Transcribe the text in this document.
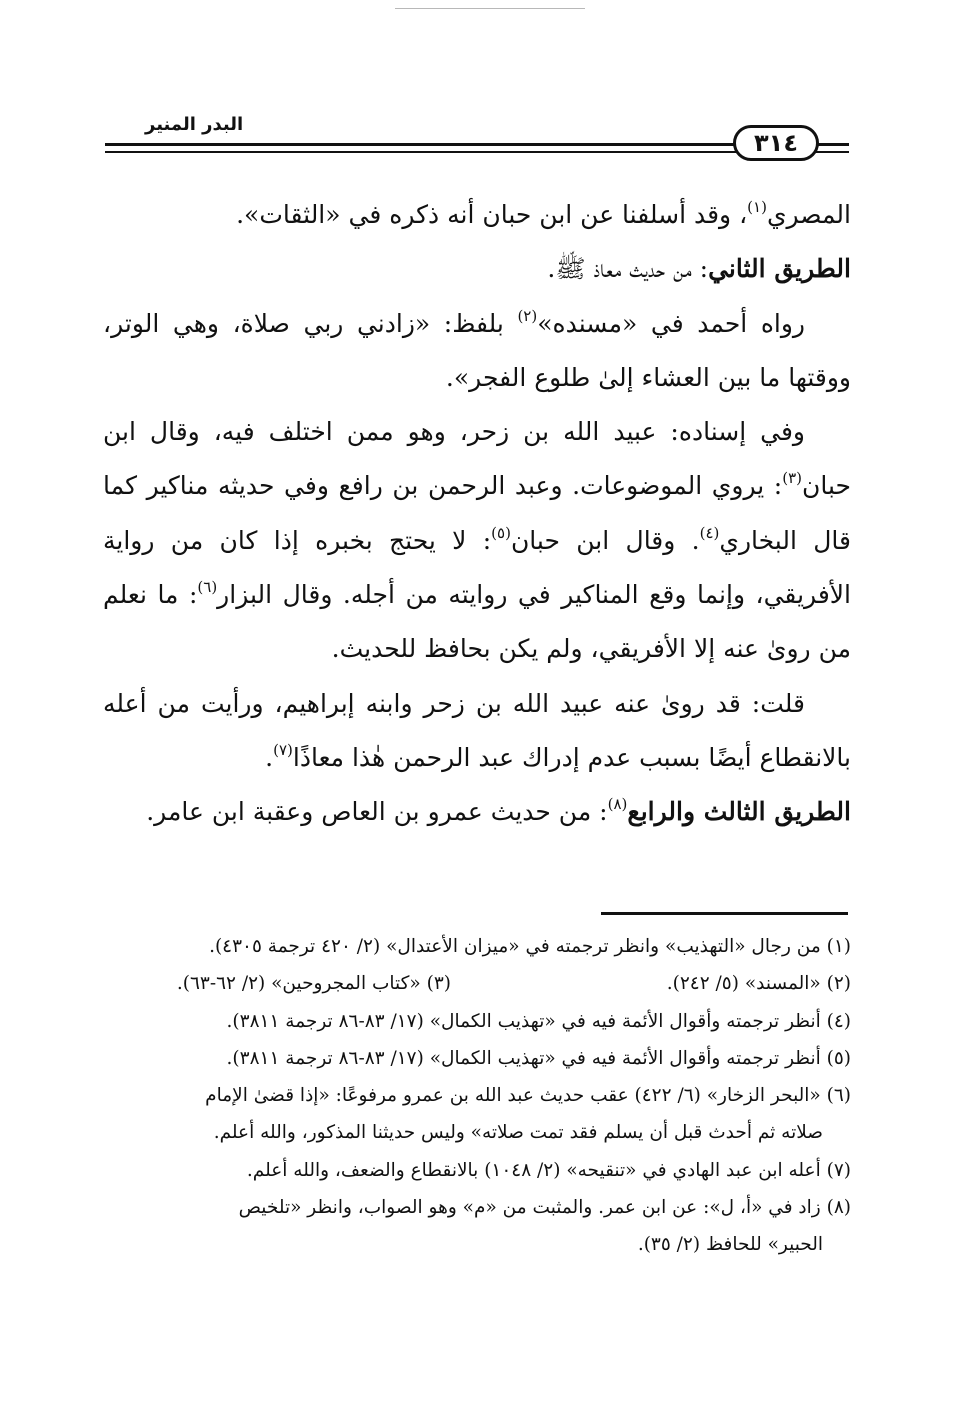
البدر المنير
٣١٤

المصري$^{(١)}$، وقد أسلفنا عن ابن حبان أنه ذكره في «الثقات».

الطريق الثاني: من حديث معاذ ﷺ.

رواه أحمد في «مسنده»$^{(٢)}$ بلفظ: «زادني ربي صلاة، وهي الوتر، ووقتها ما بين العشاء إلىٰ طلوع الفجر».

وفي إسناده: عبيد الله بن زحر، وهو ممن اختلف فيه، وقال ابن حبان$^{(٣)}$: يروي الموضوعات. وعبد الرحمن بن رافع وفي حديثه مناكير كما قال البخاري$^{(٤)}$. وقال ابن حبان$^{(٥)}$: لا يحتج بخبره إذا كان من رواية الأفريقي، وإنما وقع المناكير في روايته من أجله. وقال البزار$^{(٦)}$: ما نعلم من روىٰ عنه إلا الأفريقي، ولم يكن بحافظ للحديث.

قلت: قد روىٰ عنه عبيد الله بن زحر وابنه إبراهيم، ورأيت من أعله بالانقطاع أيضًا بسبب عدم إدراك عبد الرحمن هٰذا معاذًا$^{(٧)}$.

الطريق الثالث والرابع$^{(٨)}$: من حديث عمرو بن العاص وعقبة ابن عامر.

(١) من رجال «التهذيب» وانظر ترجمته في «ميزان الأعتدال» (٢/ ٤٢٠ ترجمة ٤٣٠٥).

(٢) «المسند» (٥/ ٢٤٢).
(٣) «كتاب المجروحين» (٢/ ٦٢-٦٣).

(٤) أنظر ترجمته وأقوال الأئمة فيه في «تهذيب الكمال» (١٧/ ٨٣-٨٦ ترجمة ٣٨١١).

(٥) أنظر ترجمته وأقوال الأئمة فيه في «تهذيب الكمال» (١٧/ ٨٣-٨٦ ترجمة ٣٨١١).

(٦) «البحر الزخار» (٦/ ٤٢٢) عقب حديث عبد الله بن عمرو مرفوعًا: «إذا قضىٰ الإمام

صلاته ثم أحدث قبل أن يسلم فقد تمت صلاته» وليس حديثنا المذكور، والله أعلم.

(٧) أعله ابن عبد الهادي في «تنقيحه» (٢/ ١٠٤٨) بالانقطاع والضعف، والله أعلم.

(٨) زاد في «أ، ل»: عن ابن عمر. والمثبت من «م» وهو الصواب، وانظر «تلخيص

الحبير» للحافظ (٢/ ٣٥).
